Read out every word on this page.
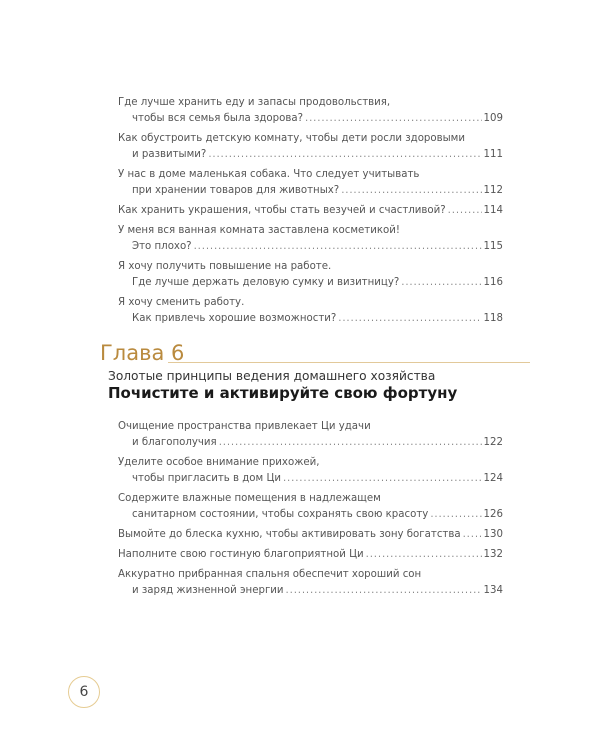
Где лучше хранить еду и запасы продовольствия,
чтобы вся семья была здорова? . . .	109
Как обустроить детскую комнату, чтобы дети росли здоровыми
и развитыми? . . .	111
У нас в доме маленькая собака. Что следует учитывать
при хранении товаров для животных? . . .	112
Как хранить украшения, чтобы стать везучей и счастливой? . . .	114
У меня вся ванная комната заставлена косметикой!
Это плохо? . . .	115
Я хочу получить повышение на работе.
Где лучше держать деловую сумку и визитницу? . . .	116
Я хочу сменить работу.
Как привлечь хорошие возможности? . . .	118
Глава 6
Золотые принципы ведения домашнего хозяйства
Почистите и активируйте свою фортуну
Очищение пространства привлекает Ци удачи
и благополучия . . .	122
Уделите особое внимание прихожей,
чтобы пригласить в дом Ци . . .	124
Содержите влажные помещения в надлежащем
санитарном состоянии, чтобы сохранять свою красоту . . .	126
Вымойте до блеска кухню, чтобы активировать зону богатства . . . 130
Наполните свою гостиную благоприятной Ци . . .	132
Аккуратно прибранная спальня обеспечит хороший сон
и заряд жизненной энергии . . .	134
6
